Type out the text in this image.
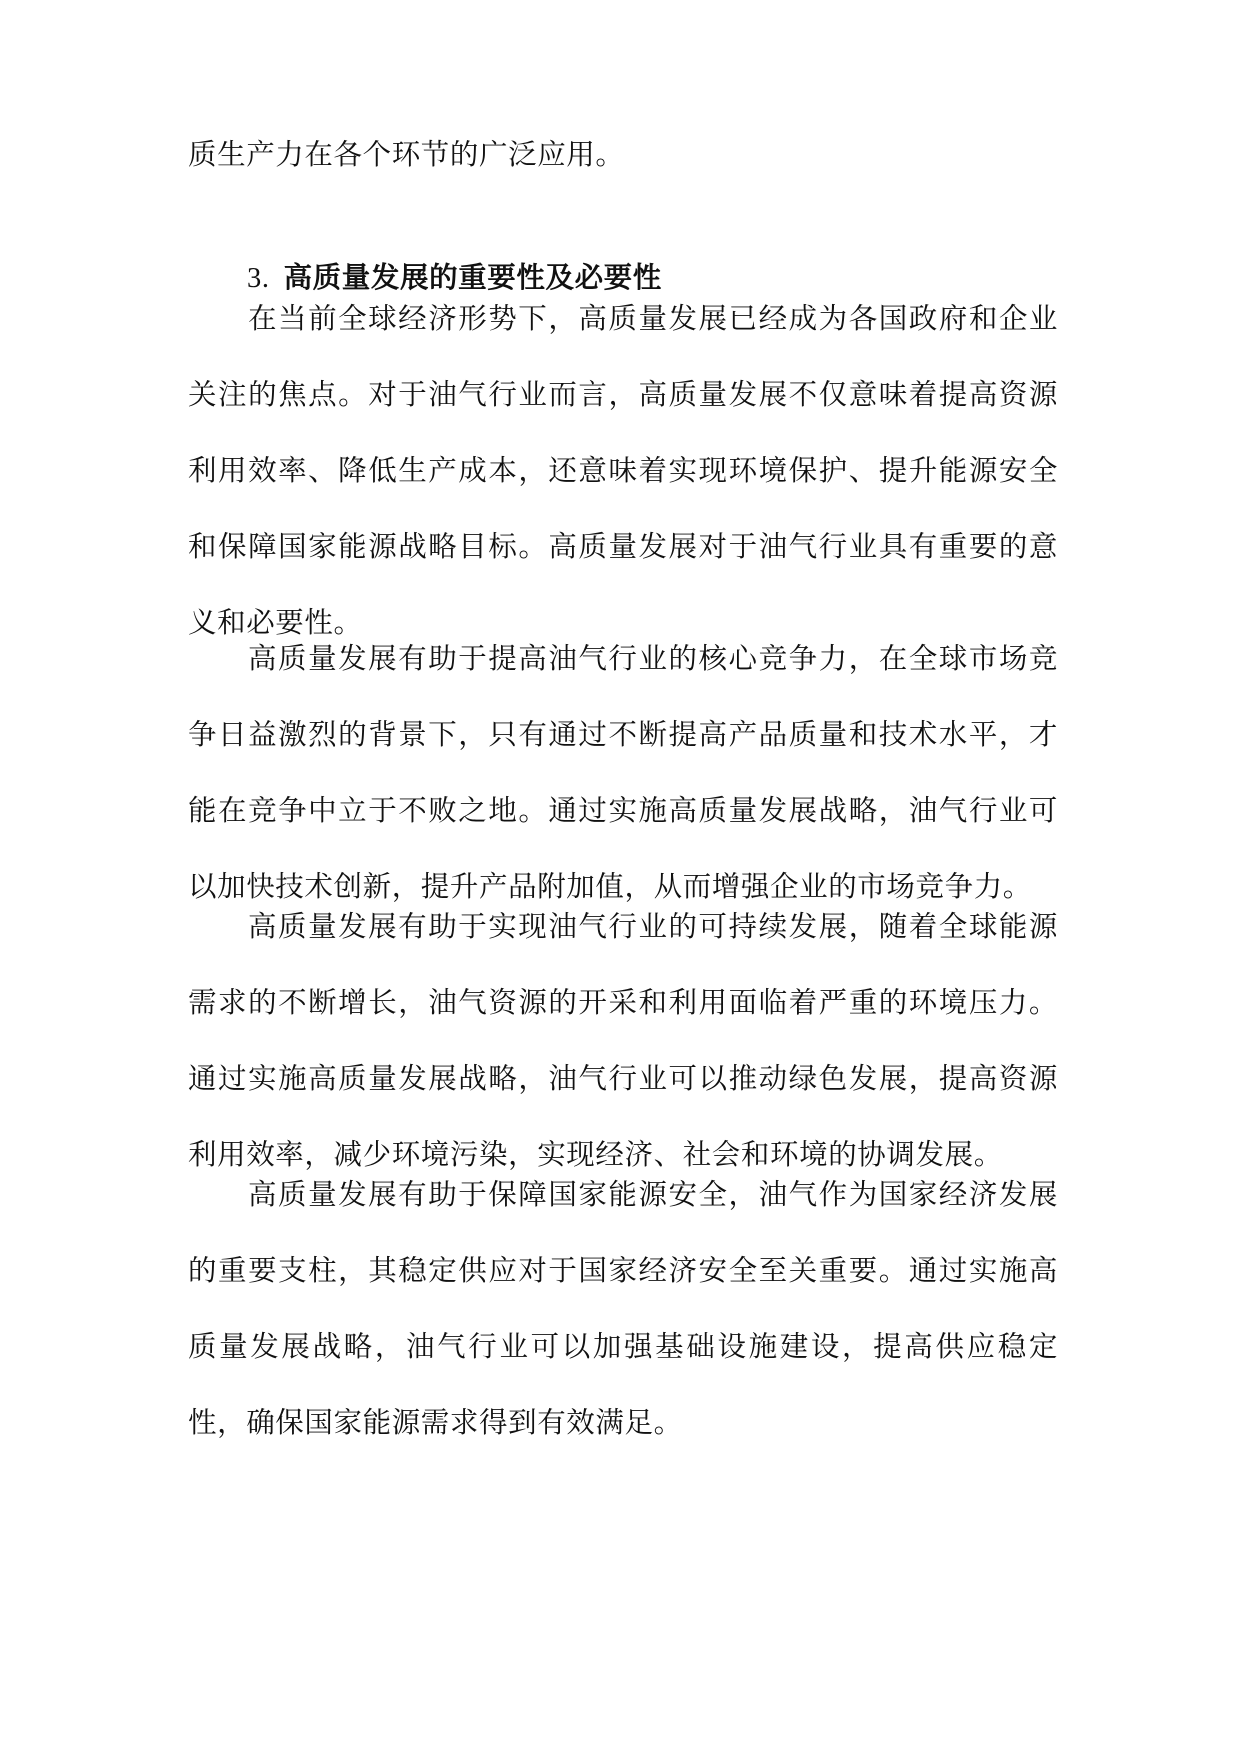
质生产力在各个环节的广泛应用。

3. 高质量发展的重要性及必要性

在当前全球经济形势下，高质量发展已经成为各国政府和企业关注的焦点。对于油气行业而言，高质量发展不仅意味着提高资源利用效率、降低生产成本，还意味着实现环境保护、提升能源安全和保障国家能源战略目标。高质量发展对于油气行业具有重要的意义和必要性。

高质量发展有助于提高油气行业的核心竞争力，在全球市场竞争日益激烈的背景下，只有通过不断提高产品质量和技术水平，才能在竞争中立于不败之地。通过实施高质量发展战略，油气行业可以加快技术创新，提升产品附加值，从而增强企业的市场竞争力。

高质量发展有助于实现油气行业的可持续发展，随着全球能源需求的不断增长，油气资源的开采和利用面临着严重的环境压力。通过实施高质量发展战略，油气行业可以推动绿色发展，提高资源利用效率，减少环境污染，实现经济、社会和环境的协调发展。

高质量发展有助于保障国家能源安全，油气作为国家经济发展的重要支柱，其稳定供应对于国家经济安全至关重要。通过实施高质量发展战略，油气行业可以加强基础设施建设，提高供应稳定性，确保国家能源需求得到有效满足。
